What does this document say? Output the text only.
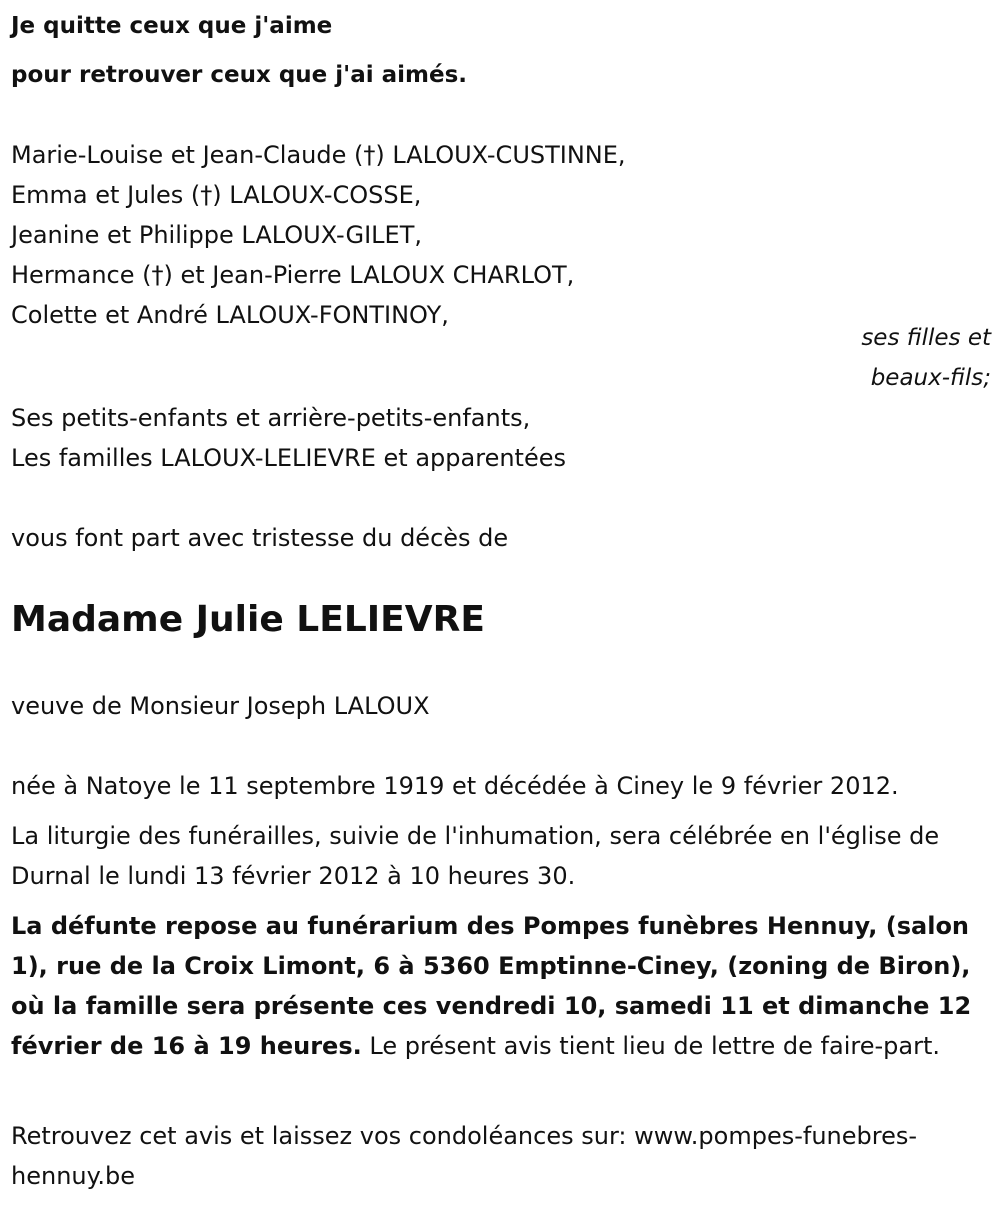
Je quitte ceux que j'aime
pour retrouver ceux que j'ai aimés.
Marie-Louise et Jean-Claude (†) LALOUX-CUSTINNE,
Emma et Jules (†) LALOUX-COSSE,
Jeanine et Philippe LALOUX-GILET,
Hermance (†) et Jean-Pierre LALOUX CHARLOT,
Colette et André LALOUX-FONTINOY,
ses filles et
beaux-fils;
Ses petits-enfants et arrière-petits-enfants,
Les familles LALOUX-LELIEVRE et apparentées
vous font part avec tristesse du décès de
Madame Julie LELIEVRE
veuve de Monsieur Joseph LALOUX
née à Natoye le 11 septembre 1919 et décédée à Ciney le 9 février 2012.
La liturgie des funérailles, suivie de l'inhumation, sera célébrée en l'église de Durnal le lundi 13 février 2012 à 10 heures 30.
La défunte repose au funérarium des Pompes funèbres Hennuy, (salon 1), rue de la Croix Limont, 6 à 5360 Emptinne-Ciney, (zoning de Biron), où la famille sera présente ces vendredi 10, samedi 11 et dimanche 12 février de 16 à 19 heures. Le présent avis tient lieu de lettre de faire-part.
Retrouvez cet avis et laissez vos condoléances sur: www.pompes-funebres-hennuy.be
